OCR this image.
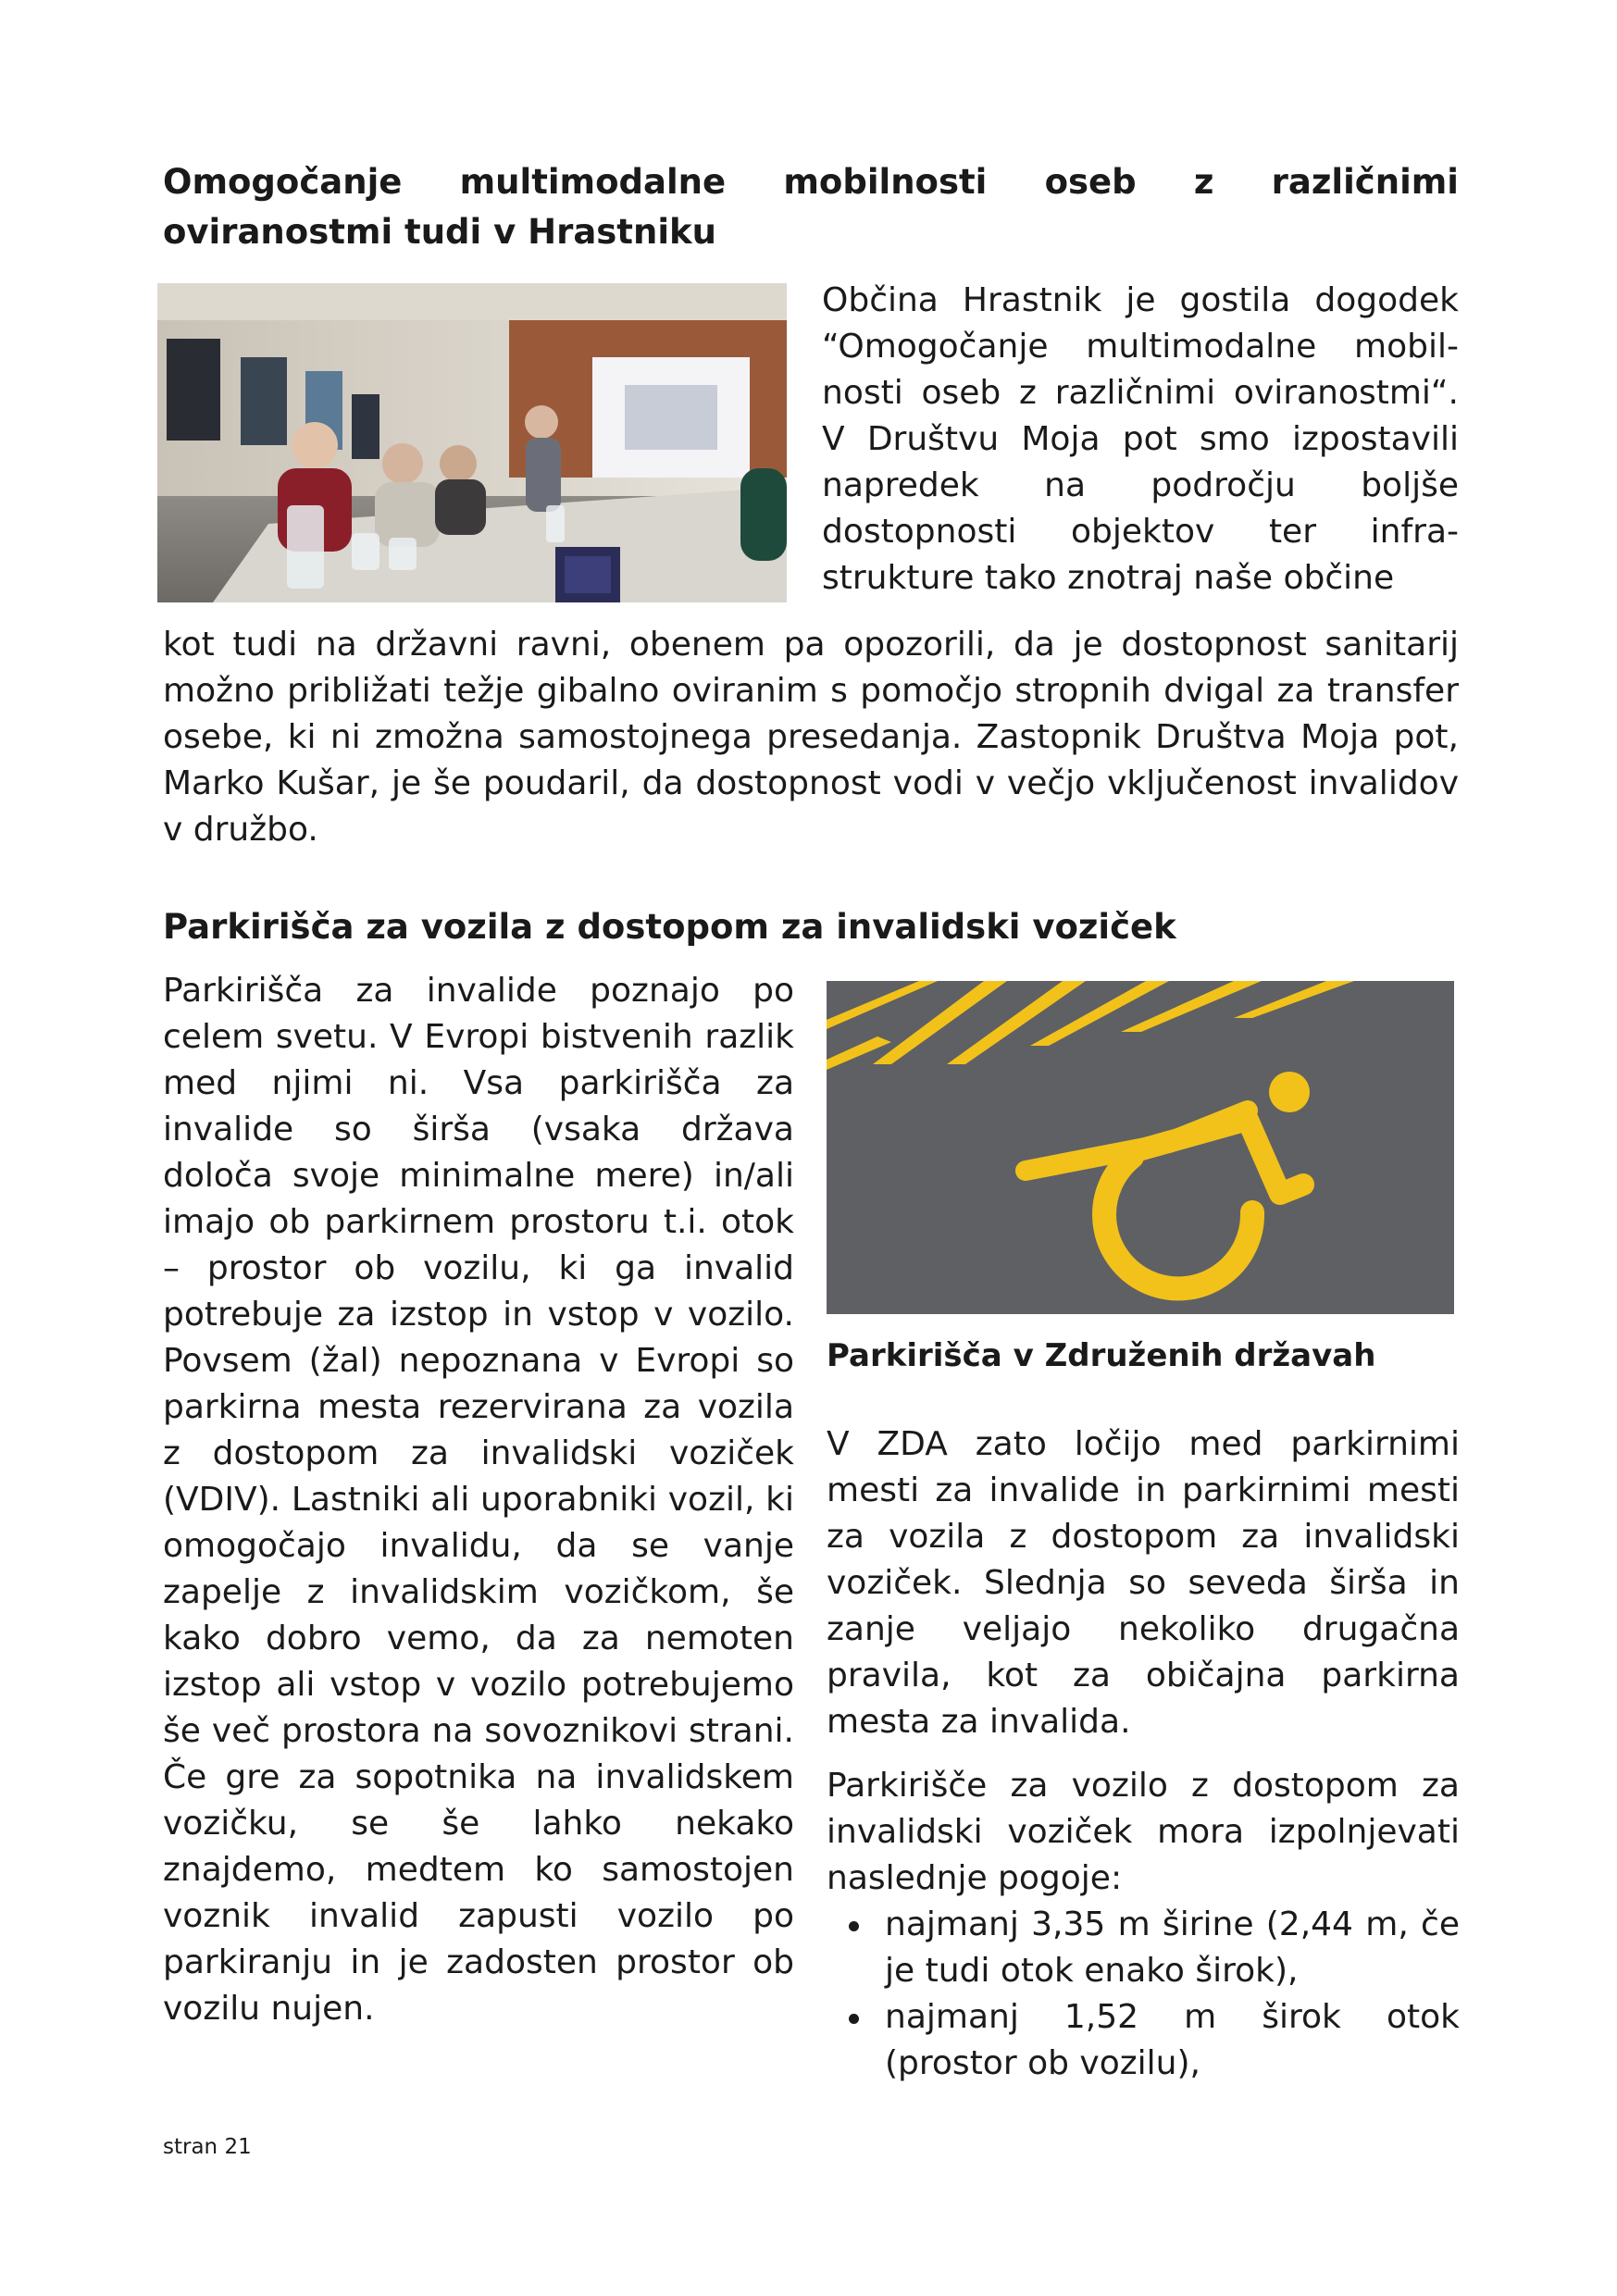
Omogočanje multimodalne mobilnosti oseb z različnimi
oviranostmi tudi v Hrastniku

Občina Hrastnik je gostila dogodek “Omogočanje multimodalne mobil-nosti oseb z različnimi oviranostmi“. V Društvu Moja pot smo izpostavili napredek na področju boljše dostopnosti objektov ter infra-strukture tako znotraj naše občine

kot tudi na državni ravni, obenem pa opozorili, da je dostopnost sanitarij možno približati težje gibalno oviranim s pomočjo stropnih dvigal za transfer osebe, ki ni zmožna samostojnega presedanja. Zastopnik Društva Moja pot, Marko Kušar, je še poudaril, da dostopnost vodi v večjo vključenost invalidov v družbo.

Parkirišča za vozila z dostopom za invalidski voziček

Parkirišča za invalide poznajo po celem svetu. V Evropi bistvenih razlik med njimi ni. Vsa parkirišča za invalide so širša (vsaka država določa svoje minimalne mere) in/ali imajo ob parkirnem prostoru t.i. otok – prostor ob vozilu, ki ga invalid potrebuje za izstop in vstop v vozilo. Povsem (žal) nepoznana v Evropi so parkirna mesta rezervirana za vozila z dostopom za invalidski voziček (VDIV). Lastniki ali uporabniki vozil, ki omogočajo invalidu, da se vanje zapelje z invalidskim vozičkom, še kako dobro vemo, da za nemoten izstop ali vstop v vozilo potrebujemo še več prostora na sovoznikovi strani. Če gre za sopotnika na invalidskem vozičku, se še lahko nekako znajdemo, medtem ko samostojen voznik invalid zapusti vozilo po parkiranju in je zadosten prostor ob vozilu nujen.

Parkirišča v Združenih državah

V ZDA zato ločijo med parkirnimi mesti za invalide in parkirnimi mesti za vozila z dostopom za invalidski voziček. Slednja so seveda širša in zanje veljajo nekoliko drugačna pravila, kot za običajna parkirna mesta za invalida.

Parkirišče za vozilo z dostopom za invalidski voziček mora izpolnjevati naslednje pogoje:

najmanj 3,35 m širine (2,44 m, če je tudi otok enako širok),
najmanj 1,52 m širok otok (prostor ob vozilu),
stran 21
